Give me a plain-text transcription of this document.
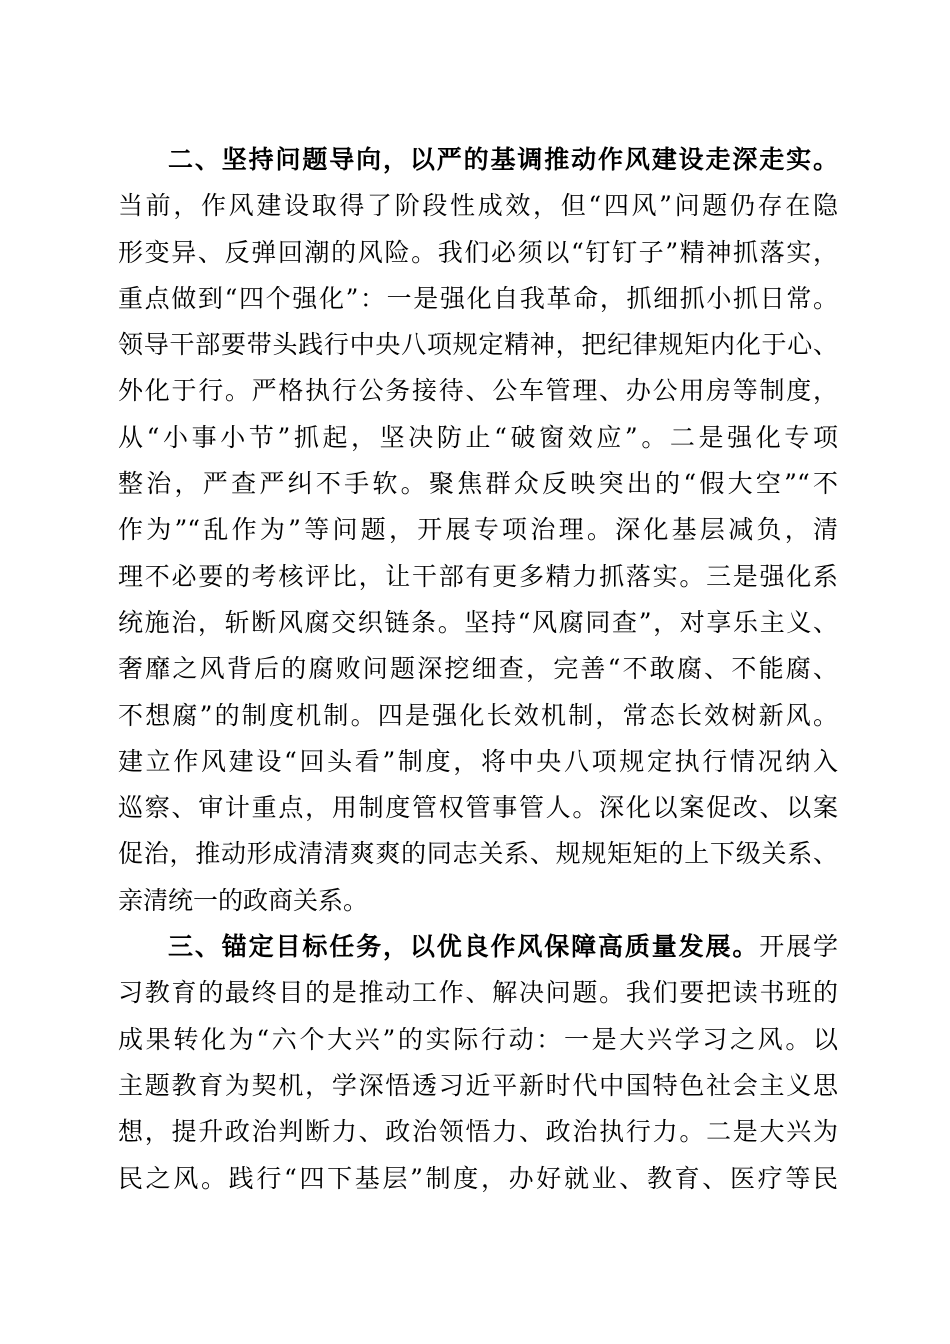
二、坚持问题导向，以严的基调推动作风建设走深走实。
当前，作风建设取得了阶段性成效，但“四风”问题仍存在隐
形变异、反弹回潮的风险。我们必须以“钉钉子”精神抓落实，
重点做到“四个强化”：一是强化自我革命，抓细抓小抓日常。
领导干部要带头践行中央八项规定精神，把纪律规矩内化于心、
外化于行。严格执行公务接待、公车管理、办公用房等制度，
从“小事小节”抓起，坚决防止“破窗效应”。二是强化专项
整治，严查严纠不手软。聚焦群众反映突出的“假大空”“不
作为”“乱作为”等问题，开展专项治理。深化基层减负，清
理不必要的考核评比，让干部有更多精力抓落实。三是强化系
统施治，斩断风腐交织链条。坚持“风腐同查”，对享乐主义、
奢靡之风背后的腐败问题深挖细查，完善“不敢腐、不能腐、
不想腐”的制度机制。四是强化长效机制，常态长效树新风。
建立作风建设“回头看”制度，将中央八项规定执行情况纳入
巡察、审计重点，用制度管权管事管人。深化以案促改、以案
促治，推动形成清清爽爽的同志关系、规规矩矩的上下级关系、
亲清统一的政商关系。
三、锚定目标任务，以优良作风保障高质量发展。开展学
习教育的最终目的是推动工作、解决问题。我们要把读书班的
成果转化为“六个大兴”的实际行动：一是大兴学习之风。以
主题教育为契机，学深悟透习近平新时代中国特色社会主义思
想，提升政治判断力、政治领悟力、政治执行力。二是大兴为
民之风。践行“四下基层”制度，办好就业、教育、医疗等民
